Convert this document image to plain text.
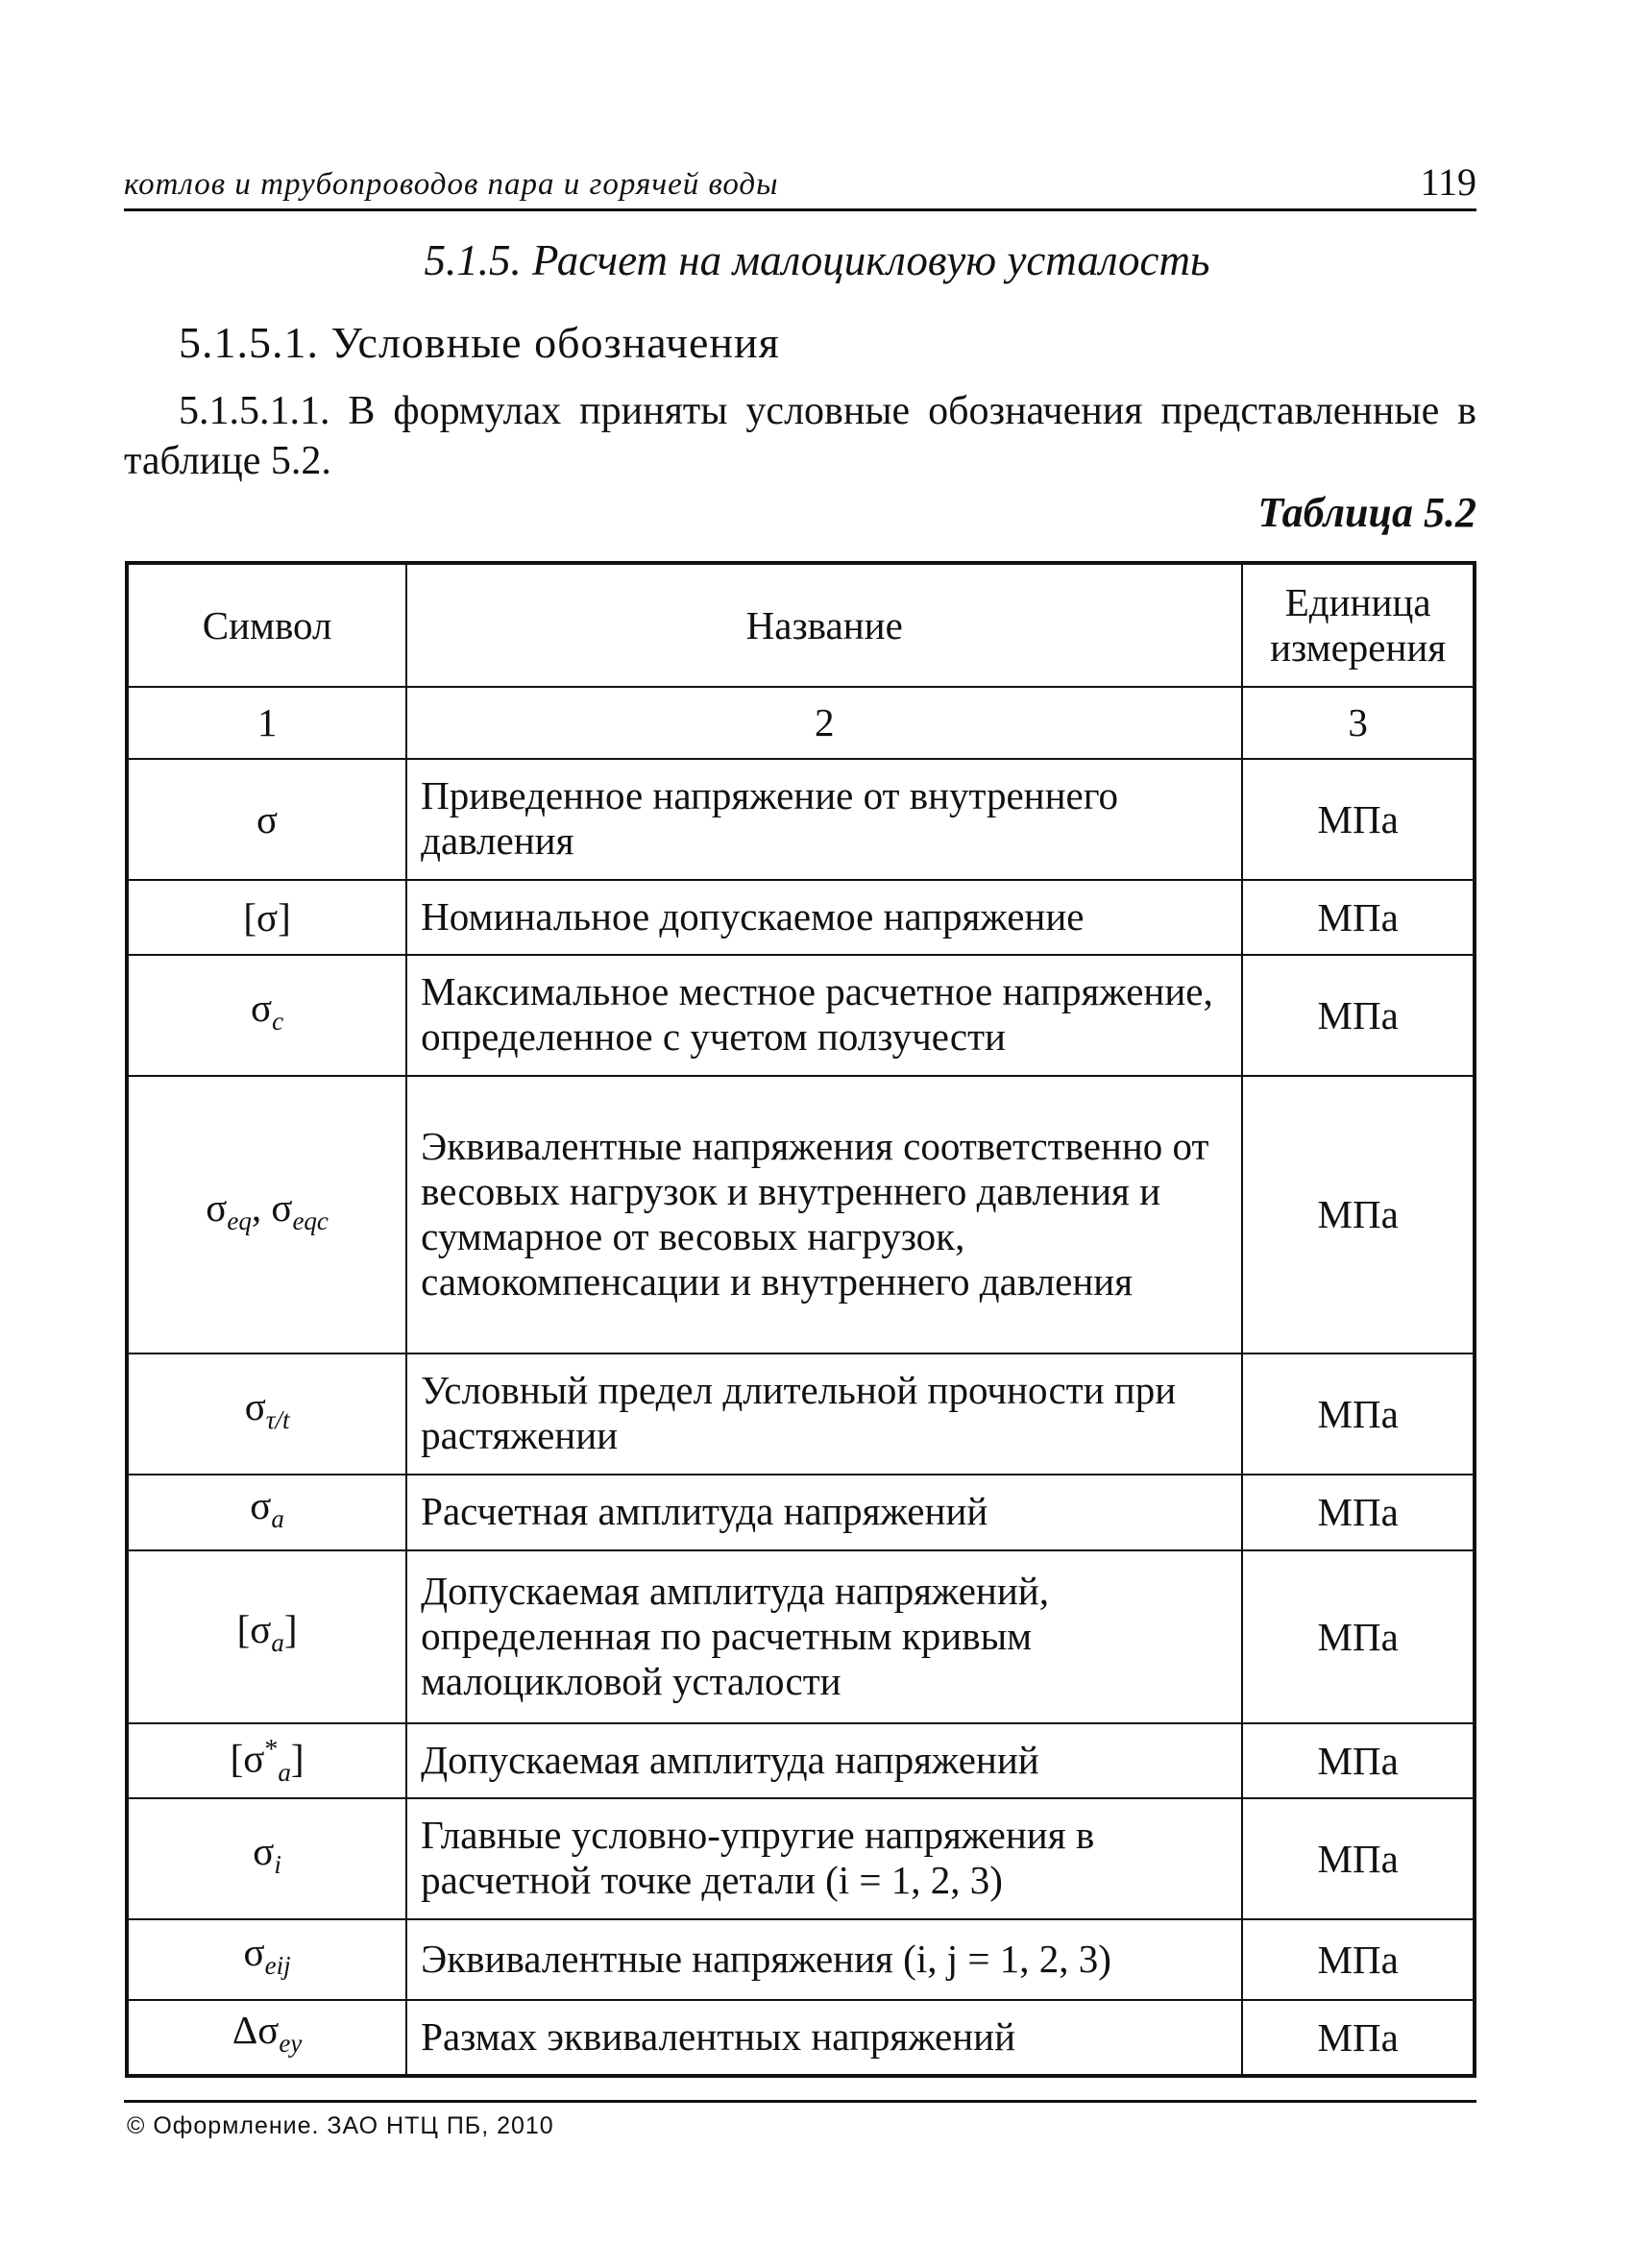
котлов и трубопроводов пара и горячей воды	119
5.1.5. Расчет на малоцикловую усталость
5.1.5.1. Условные обозначения
5.1.5.1.1. В формулах приняты условные обозначения представленные в таблице 5.2.
Таблица 5.2
Символ	Название	Единица измерения
1	2	3
σ	Приведенное напряжение от внутреннего давления	МПа
[σ]	Номинальное допускаемое напряжение	МПа
$\sigma_c$	Максимальное местное расчетное напряжение, определенное с учетом ползучести	МПа
$\sigma_{eq}$, $\sigma_{eqc}$	Эквивалентные напряжения соответственно от весовых нагрузок и внутреннего давления и суммарное от весовых нагрузок, самокомпенсации и внутреннего давления	МПа
$\sigma_{\tau/t}$	Условный предел длительной прочности при растяжении	МПа
$\sigma_a$	Расчетная амплитуда напряжений	МПа
$[\sigma_a]$	Допускаемая амплитуда напряжений, определенная по расчетным кривым малоцикловой усталости	МПа
$[\sigma^*_a]$	Допускаемая амплитуда напряжений	МПа
$\sigma_i$	Главные условно-упругие напряжения в расчетной точке детали (i = 1, 2, 3)	МПа
$\sigma_{eij}$	Эквивалентные напряжения (i, j = 1, 2, 3)	МПа
$\Delta\sigma_{ey}$	Размах эквивалентных напряжений	МПа
© Оформление. ЗАО НТЦ ПБ, 2010
